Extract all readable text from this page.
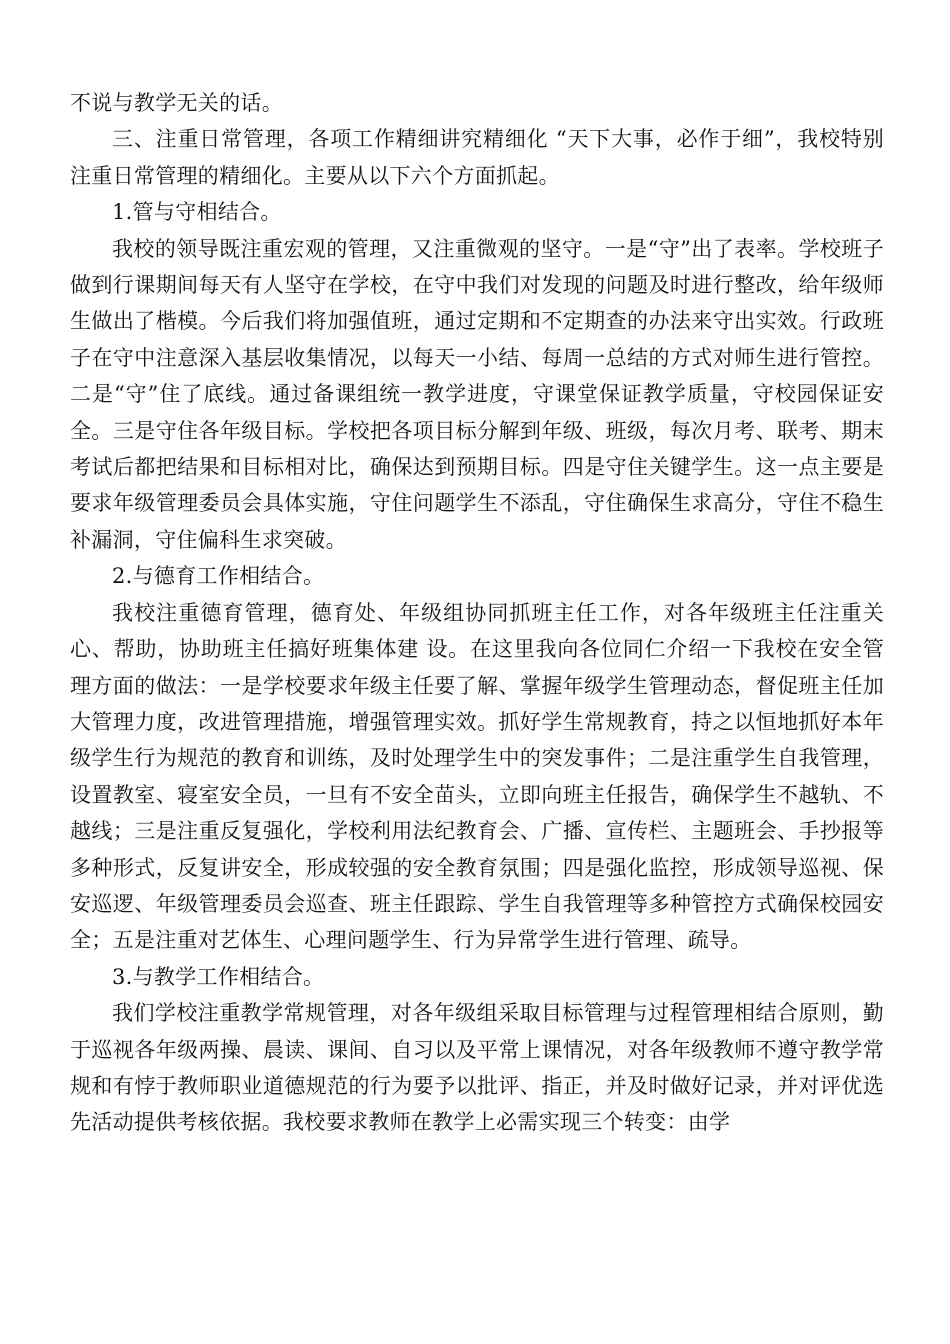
不说与教学无关的话。

三、注重日常管理，各项工作精细讲究精细化 “天下大事，必作于细”，我校特别注重日常管理的精细化。主要从以下六个方面抓起。

1.管与守相结合。

我校的领导既注重宏观的管理，又注重微观的坚守。一是“守”出了表率。学校班子做到行课期间每天有人坚守在学校，在守中我们对发现的问题及时进行整改，给年级师生做出了楷模。今后我们将加强值班，通过定期和不定期查的办法来守出实效。行政班子在守中注意深入基层收集情况，以每天一小结、每周一总结的方式对师生进行管控。二是“守”住了底线。通过备课组统一教学进度，守课堂保证教学质量，守校园保证安全。三是守住各年级目标。学校把各项目标分解到年级、班级，每次月考、联考、期末考试后都把结果和目标相对比，确保达到预期目标。四是守住关键学生。这一点主要是要求年级管理委员会具体实施，守住问题学生不添乱，守住确保生求高分，守住不稳生补漏洞，守住偏科生求突破。

2.与德育工作相结合。

我校注重德育管理，德育处、年级组协同抓班主任工作，对各年级班主任注重关心、帮助，协助班主任搞好班集体建 设。在这里我向各位同仁介绍一下我校在安全管理方面的做法：一是学校要求年级主任要了解、掌握年级学生管理动态，督促班主任加大管理力度，改进管理措施，增强管理实效。抓好学生常规教育，持之以恒地抓好本年级学生行为规范的教育和训练，及时处理学生中的突发事件；二是注重学生自我管理，设置教室、寝室安全员，一旦有不安全苗头，立即向班主任报告，确保学生不越轨、不越线；三是注重反复强化，学校利用法纪教育会、广播、宣传栏、主题班会、手抄报等多种形式，反复讲安全，形成较强的安全教育氛围；四是强化监控，形成领导巡视、保安巡逻、年级管理委员会巡查、班主任跟踪、学生自我管理等多种管控方式确保校园安全；五是注重对艺体生、心理问题学生、行为异常学生进行管理、疏导。

3.与教学工作相结合。

我们学校注重教学常规管理，对各年级组采取目标管理与过程管理相结合原则，勤于巡视各年级两操、晨读、课间、自习以及平常上课情况，对各年级教师不遵守教学常规和有悖于教师职业道德规范的行为要予以批评、指正，并及时做好记录，并对评优选先活动提供考核依据。我校要求教师在教学上必需实现三个转变：由学
